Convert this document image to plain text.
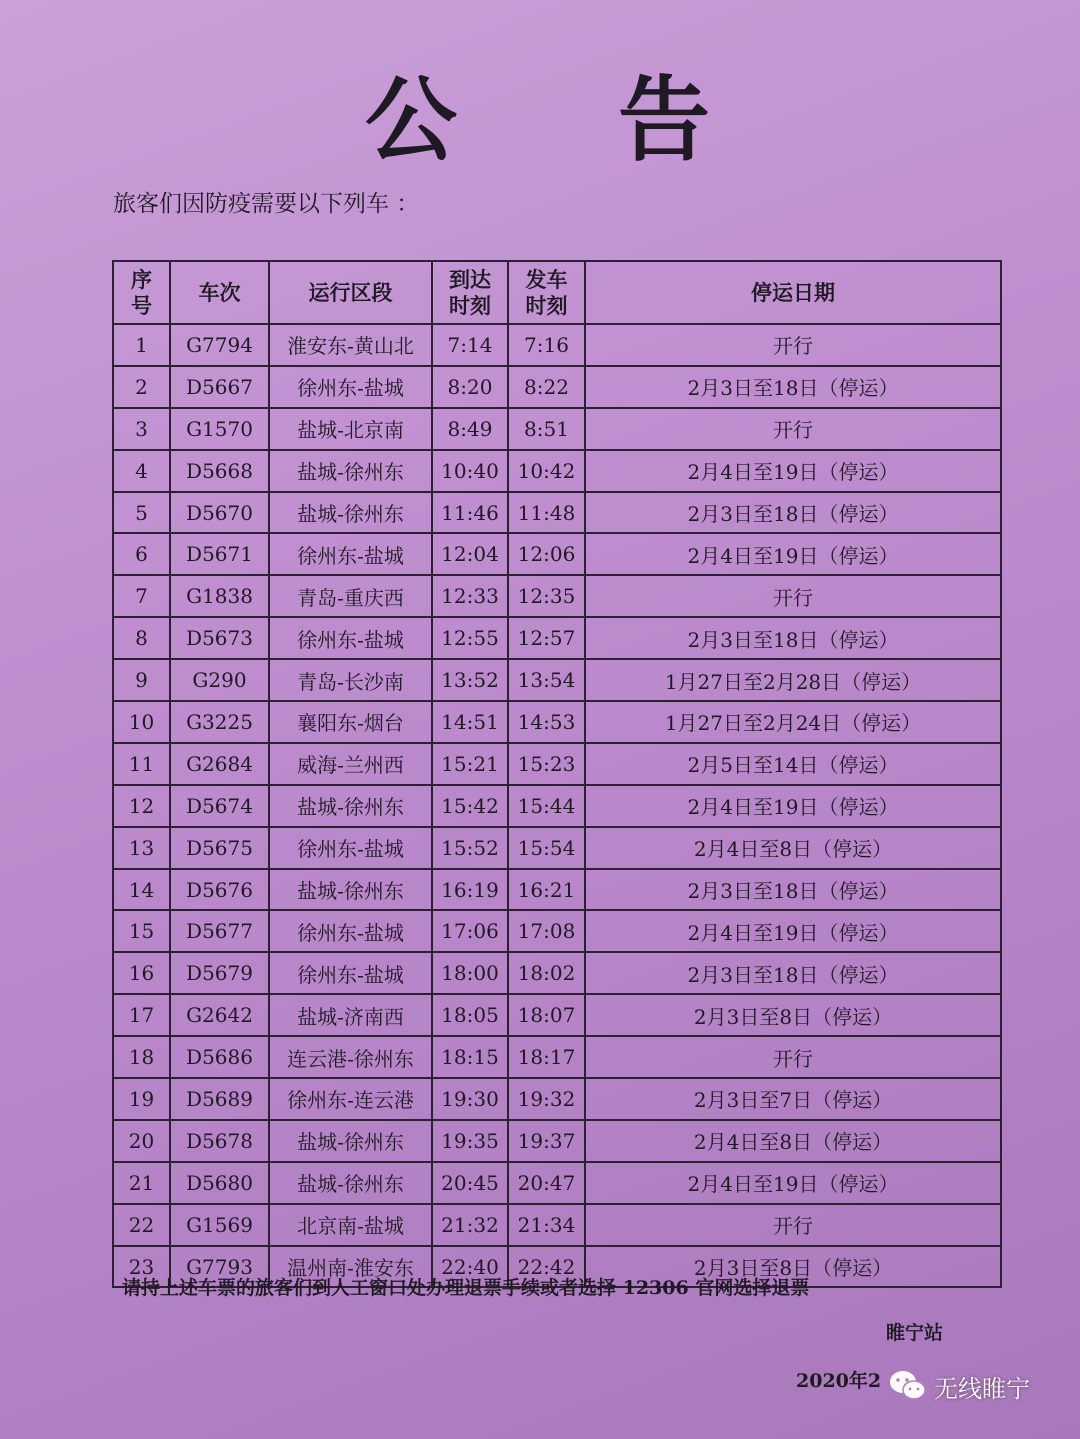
公 告
旅客们因防疫需要以下列车 ：
序号	车次	运行区段	到达时刻	发车时刻	停运日期
1	G7794	淮安东-黄山北	7:14	7:16	开行
2	D5667	徐州东-盐城	8:20	8:22	2月3日至18日（停运）
3	G1570	盐城-北京南	8:49	8:51	开行
4	D5668	盐城-徐州东	10:40	10:42	2月4日至19日（停运）
5	D5670	盐城-徐州东	11:46	11:48	2月3日至18日（停运）
6	D5671	徐州东-盐城	12:04	12:06	2月4日至19日（停运）
7	G1838	青岛-重庆西	12:33	12:35	开行
8	D5673	徐州东-盐城	12:55	12:57	2月3日至18日（停运）
9	G290	青岛-长沙南	13:52	13:54	1月27日至2月28日（停运）
10	G3225	襄阳东-烟台	14:51	14:53	1月27日至2月24日（停运）
11	G2684	威海-兰州西	15:21	15:23	2月5日至14日（停运）
12	D5674	盐城-徐州东	15:42	15:44	2月4日至19日（停运）
13	D5675	徐州东-盐城	15:52	15:54	2月4日至8日（停运）
14	D5676	盐城-徐州东	16:19	16:21	2月3日至18日（停运）
15	D5677	徐州东-盐城	17:06	17:08	2月4日至19日（停运）
16	D5679	徐州东-盐城	18:00	18:02	2月3日至18日（停运）
17	G2642	盐城-济南西	18:05	18:07	2月3日至8日（停运）
18	D5686	连云港-徐州东	18:15	18:17	开行
19	D5689	徐州东-连云港	19:30	19:32	2月3日至7日（停运）
20	D5678	盐城-徐州东	19:35	19:37	2月4日至8日（停运）
21	D5680	盐城-徐州东	20:45	20:47	2月4日至19日（停运）
22	G1569	北京南-盐城	21:32	21:34	开行
23	G7793	温州南-淮安东	22:40	22:42	2月3日至8日（停运）
请持上述车票的旅客们到人工窗口处办理退票手续或者选择 12306 官网选择退票
睢宁站
2020年2 无线睢宁
